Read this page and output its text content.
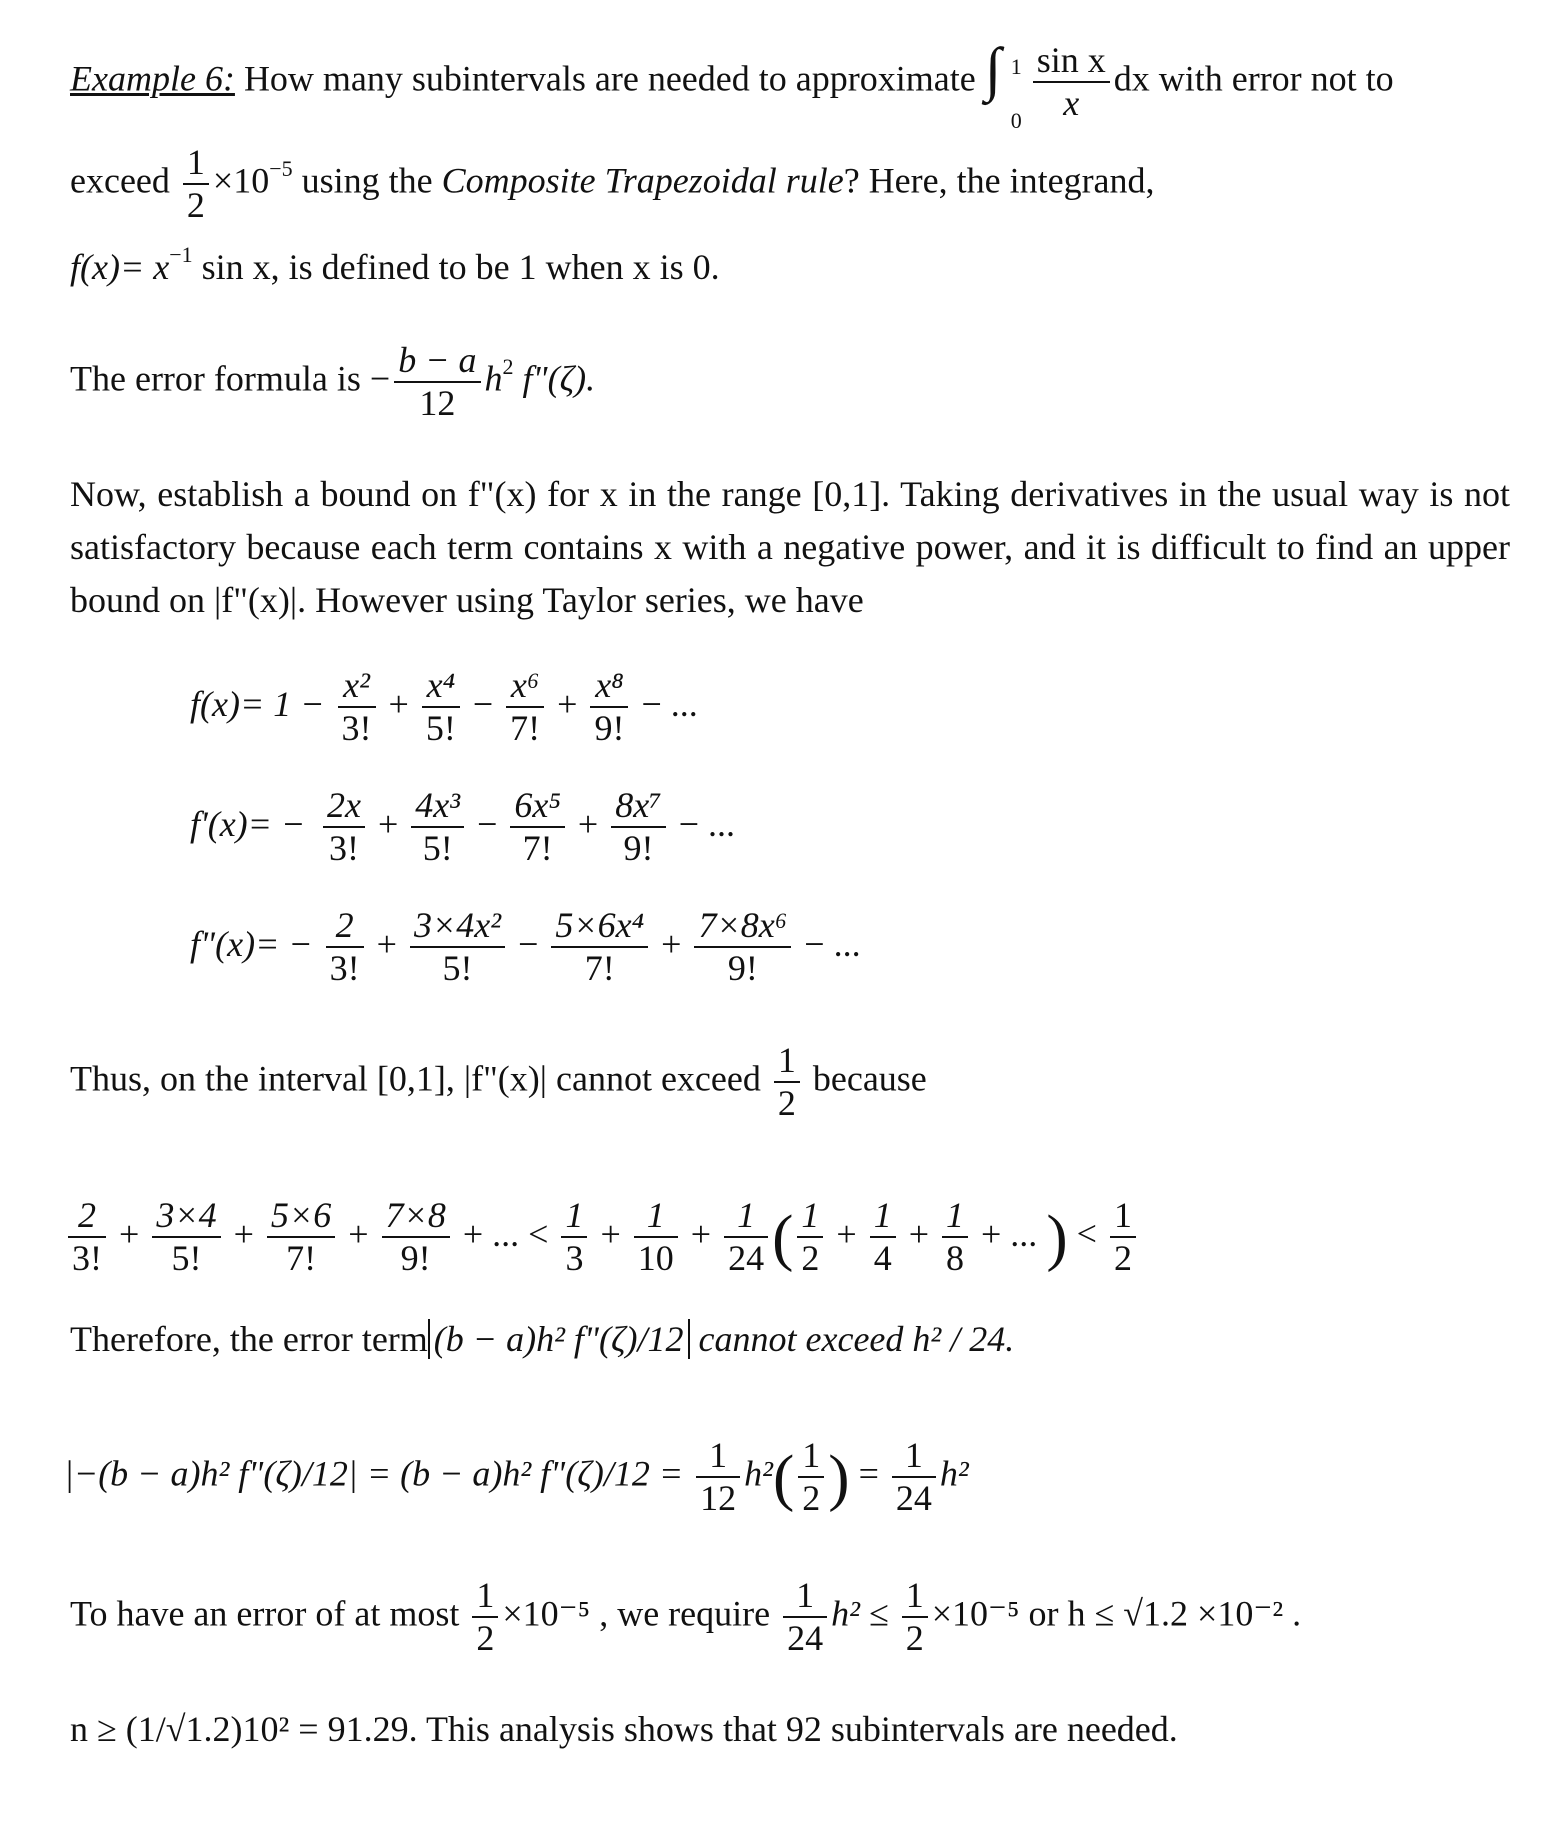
Example 6: How many subintervals are needed to approximate ∫ 1
$0 \frac{\text{sin x}}{x}$ dx with error not to
exceed $\frac{1}{2} \times 10^{-5}$ using the Composite Trapezoidal rule? Here, the integrand,
$f(x)= x^{-1}$ sin x, is defined to be 1 when x is 0.
The error formula is − $\frac{b - a}{12} h^2$ f"(ζ).
Now, establish a bound on f"(x) for x in the range [0,1]. Taking derivatives in the usual way is not satisfactory because each term contains x with a negative power, and it is difficult to find an upper bound on |f"(x)|. However using Taylor series, we have
$f(x)= 1 - \frac{\text{x²}}{3!} + \frac{\text{x⁴}}{5!} - \frac{\text{x⁶}}{7!} + \frac{\text{x⁸}}{9!}$ − ...
$f'(x)= - \frac{2x}{3!} + \frac{\text{4x³}}{5!} - \frac{\text{6x⁵}}{7!} + \frac{\text{8x⁷}}{9!}$ − ...
f"(x)= − $\frac{2}{3!} + \frac{\text{3×4x²}}{5!} - \frac{\text{5×6x⁴}}{7!} + \frac{\text{7×8x⁶}}{9!}$ − ...
Thus, on the interval [0,1], |f"(x)| cannot exceed $\frac{1}{2}$ because
$\frac{2}{3!} + \frac{3\times 4}{5!} + \frac{5\times 6}{7!} + \frac{7\times 8}{9!}$ + ... < $\frac{1}{3} + \frac{1}{10} + \frac{1}{24}$ ( $\frac{1}{2} + \frac{1}{4} + \frac{1}{8}$ + ... ) < $\frac{1}{2}$
Therefore, the error term (b − a)h² f"(ζ)/12 cannot exceed h² / 24.
|−(b − a)h² f"(ζ)/12| = (b − a)h² f"(ζ)/12 = $\frac{1}{12} h^2( \frac{1}{2}$ ) = $\frac{1}{24} h^2$
To have an error of at most $\frac{1}{2} \times 10^{-5}$ , we require $\frac{1}{24} h^2 \le \frac{1}{2} \times 10^{-5}$ or h ≤ √1.2 ×10⁻² .
n ≥ (1/√1.2)10² = 91.29. This analysis shows that 92 subintervals are needed.
